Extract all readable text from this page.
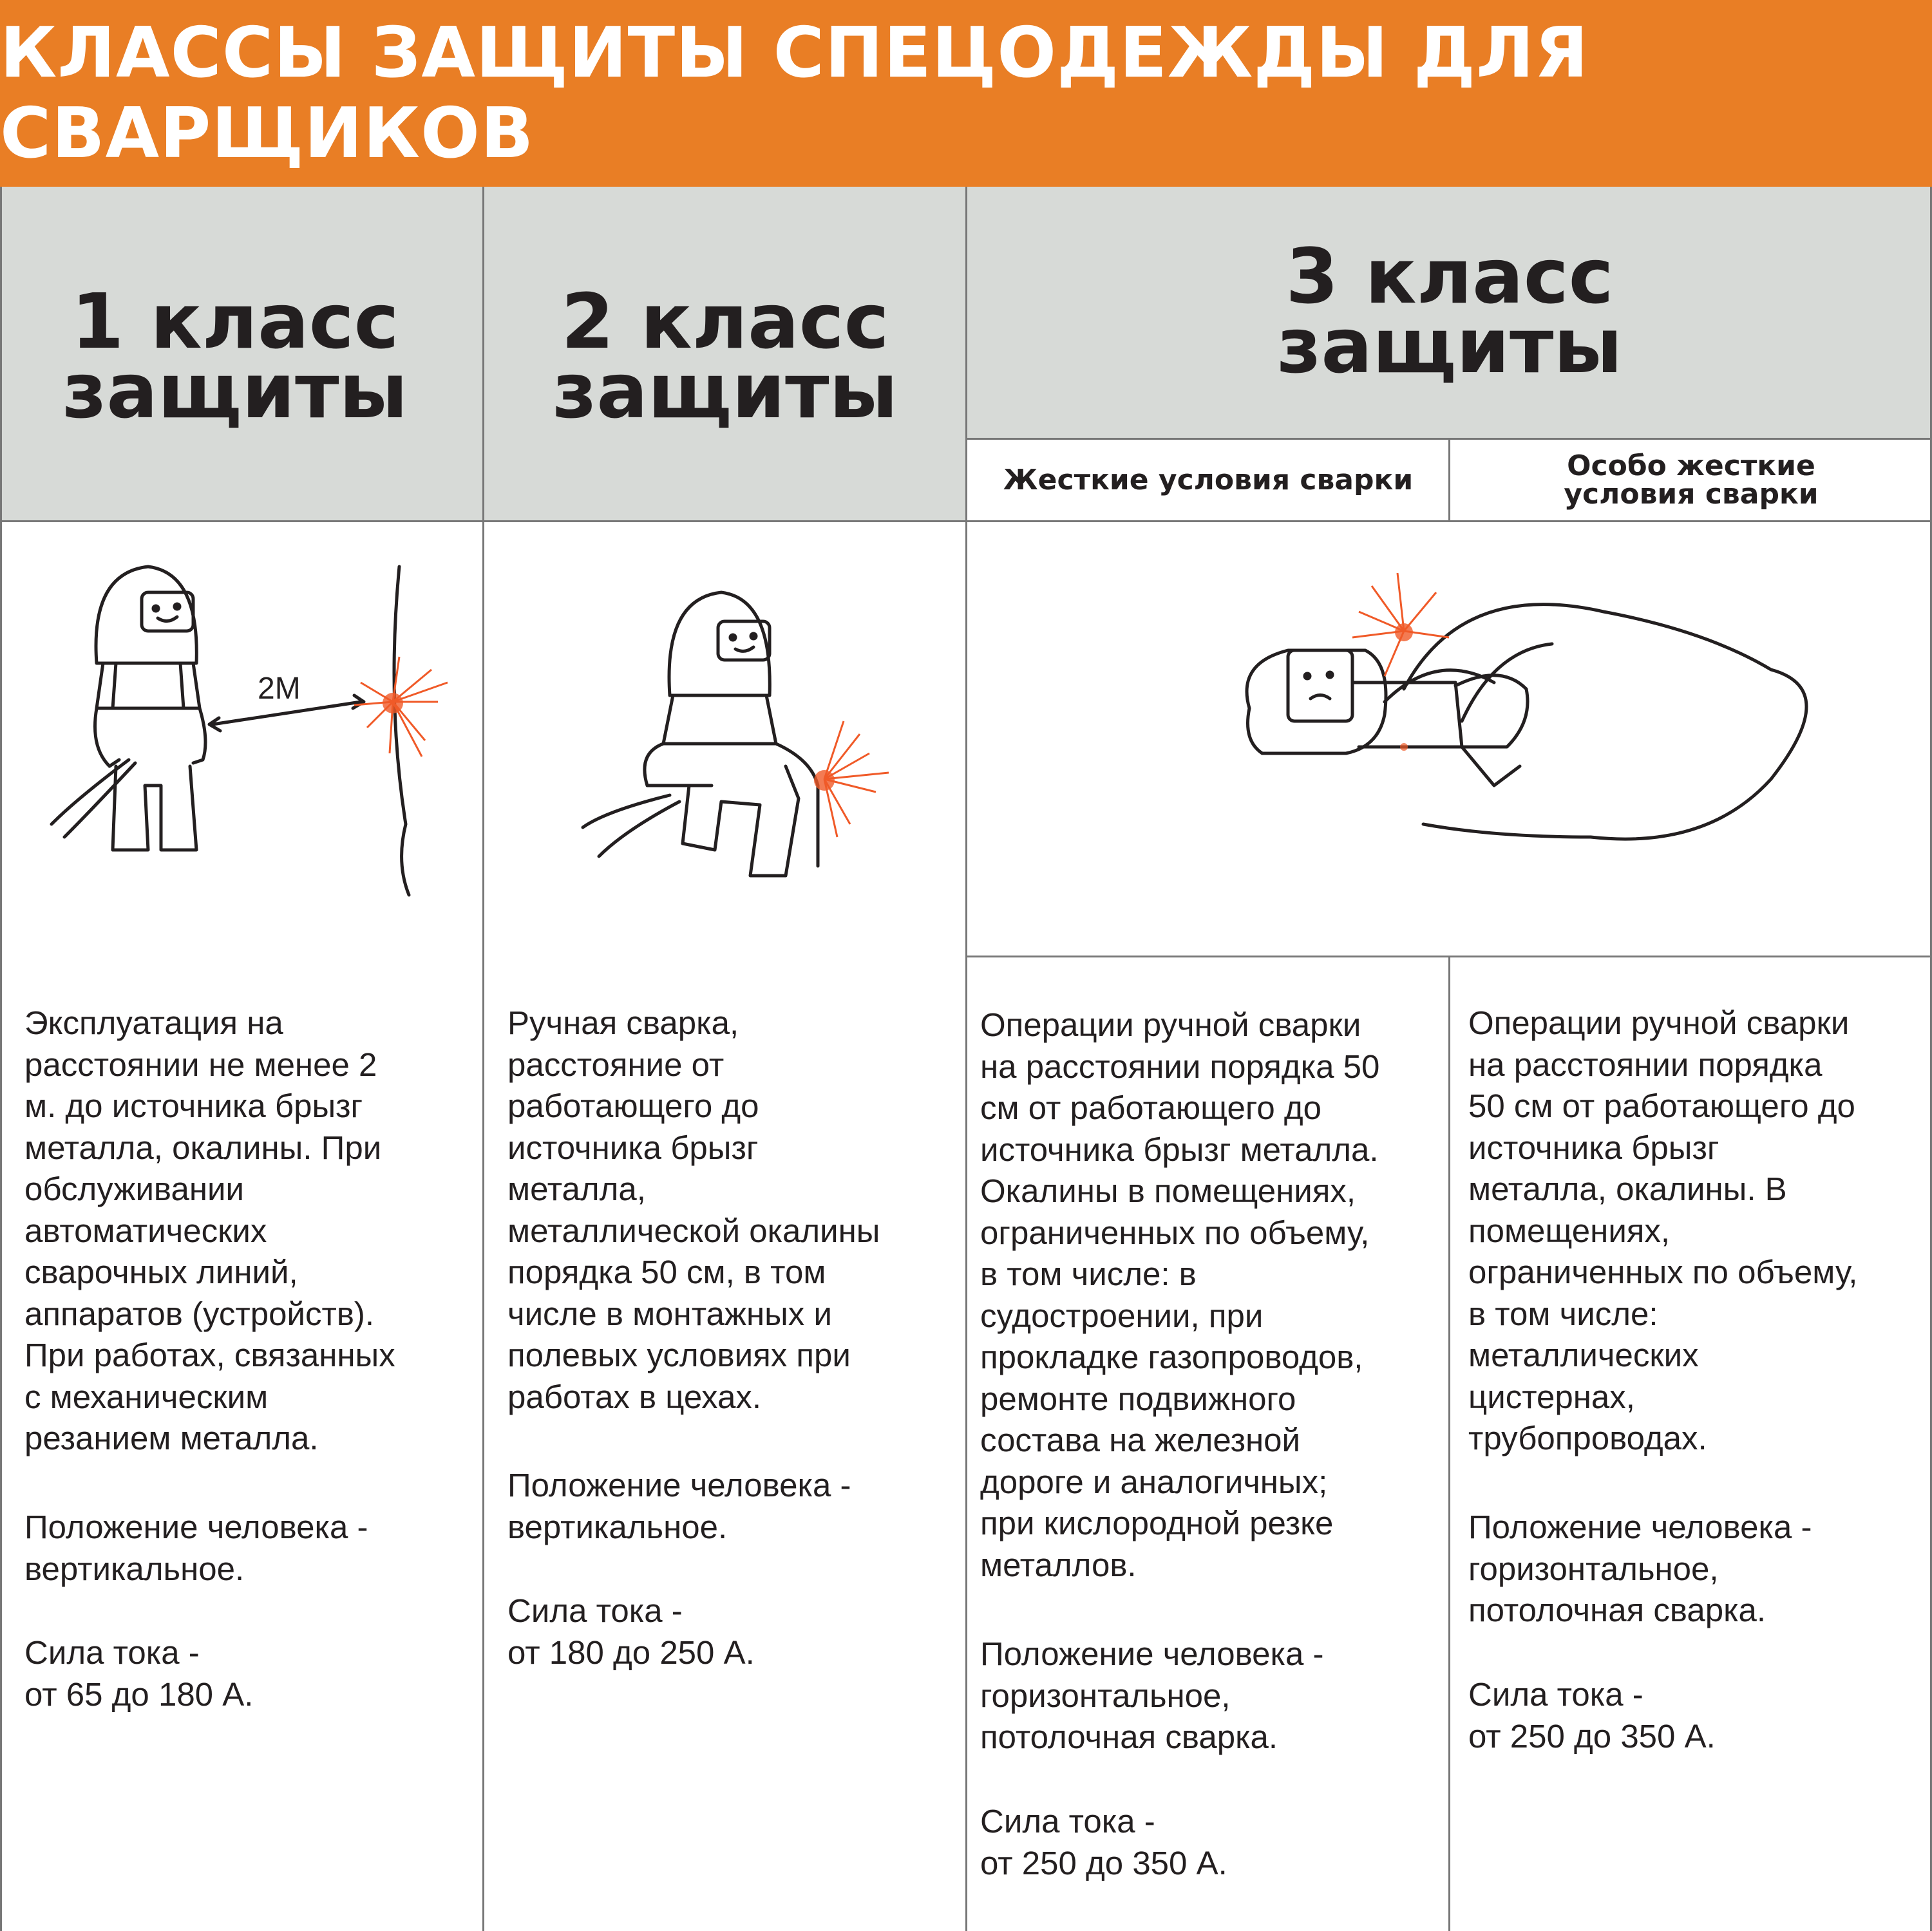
КЛАССЫ ЗАЩИТЫ СПЕЦОДЕЖДЫ ДЛЯ СВАРЩИКОВ
1 класс
защиты
2 класс
защиты
3 класс
защиты
Жесткие условия сварки	Особо жесткие
условия сварки
2М
Эксплуатация на
расстоянии не менее 2
м. до источника брызг
металла, окалины. При
обслуживании
автоматических
сварочных линий,
аппаратов (устройств).
При работах, связанных
с механическим
резанием металла.
Положение человека -
вертикальное.
Сила тока -
от 65 до 180 А.
Ручная сварка,
расстояние от
работающего до
источника брызг
металла,
металлической окалины
порядка 50 см, в том
числе в монтажных и
полевых условиях при
работах в цехах.
Положение человека -
вертикальное.
Сила тока -
от 180 до 250 А.
Операции ручной сварки
на расстоянии порядка 50
см от работающего до
источника брызг металла.
Окалины в помещениях,
ограниченных по объему,
в том числе: в
судостроении, при
прокладке газопроводов,
ремонте подвижного
состава на железной
дороге и аналогичных;
при кислородной резке
металлов.
Положение человека -
горизонтальное,
потолочная сварка.
Сила тока -
от 250 до 350 А.
Операции ручной сварки
на расстоянии порядка
50 см от работающего до
источника брызг
металла, окалины. В
помещениях,
ограниченных по объему,
в том числе:
металлических
цистернах,
трубопроводах.
Положение человека -
горизонтальное,
потолочная сварка.
Сила тока -
от 250 до 350 А.
